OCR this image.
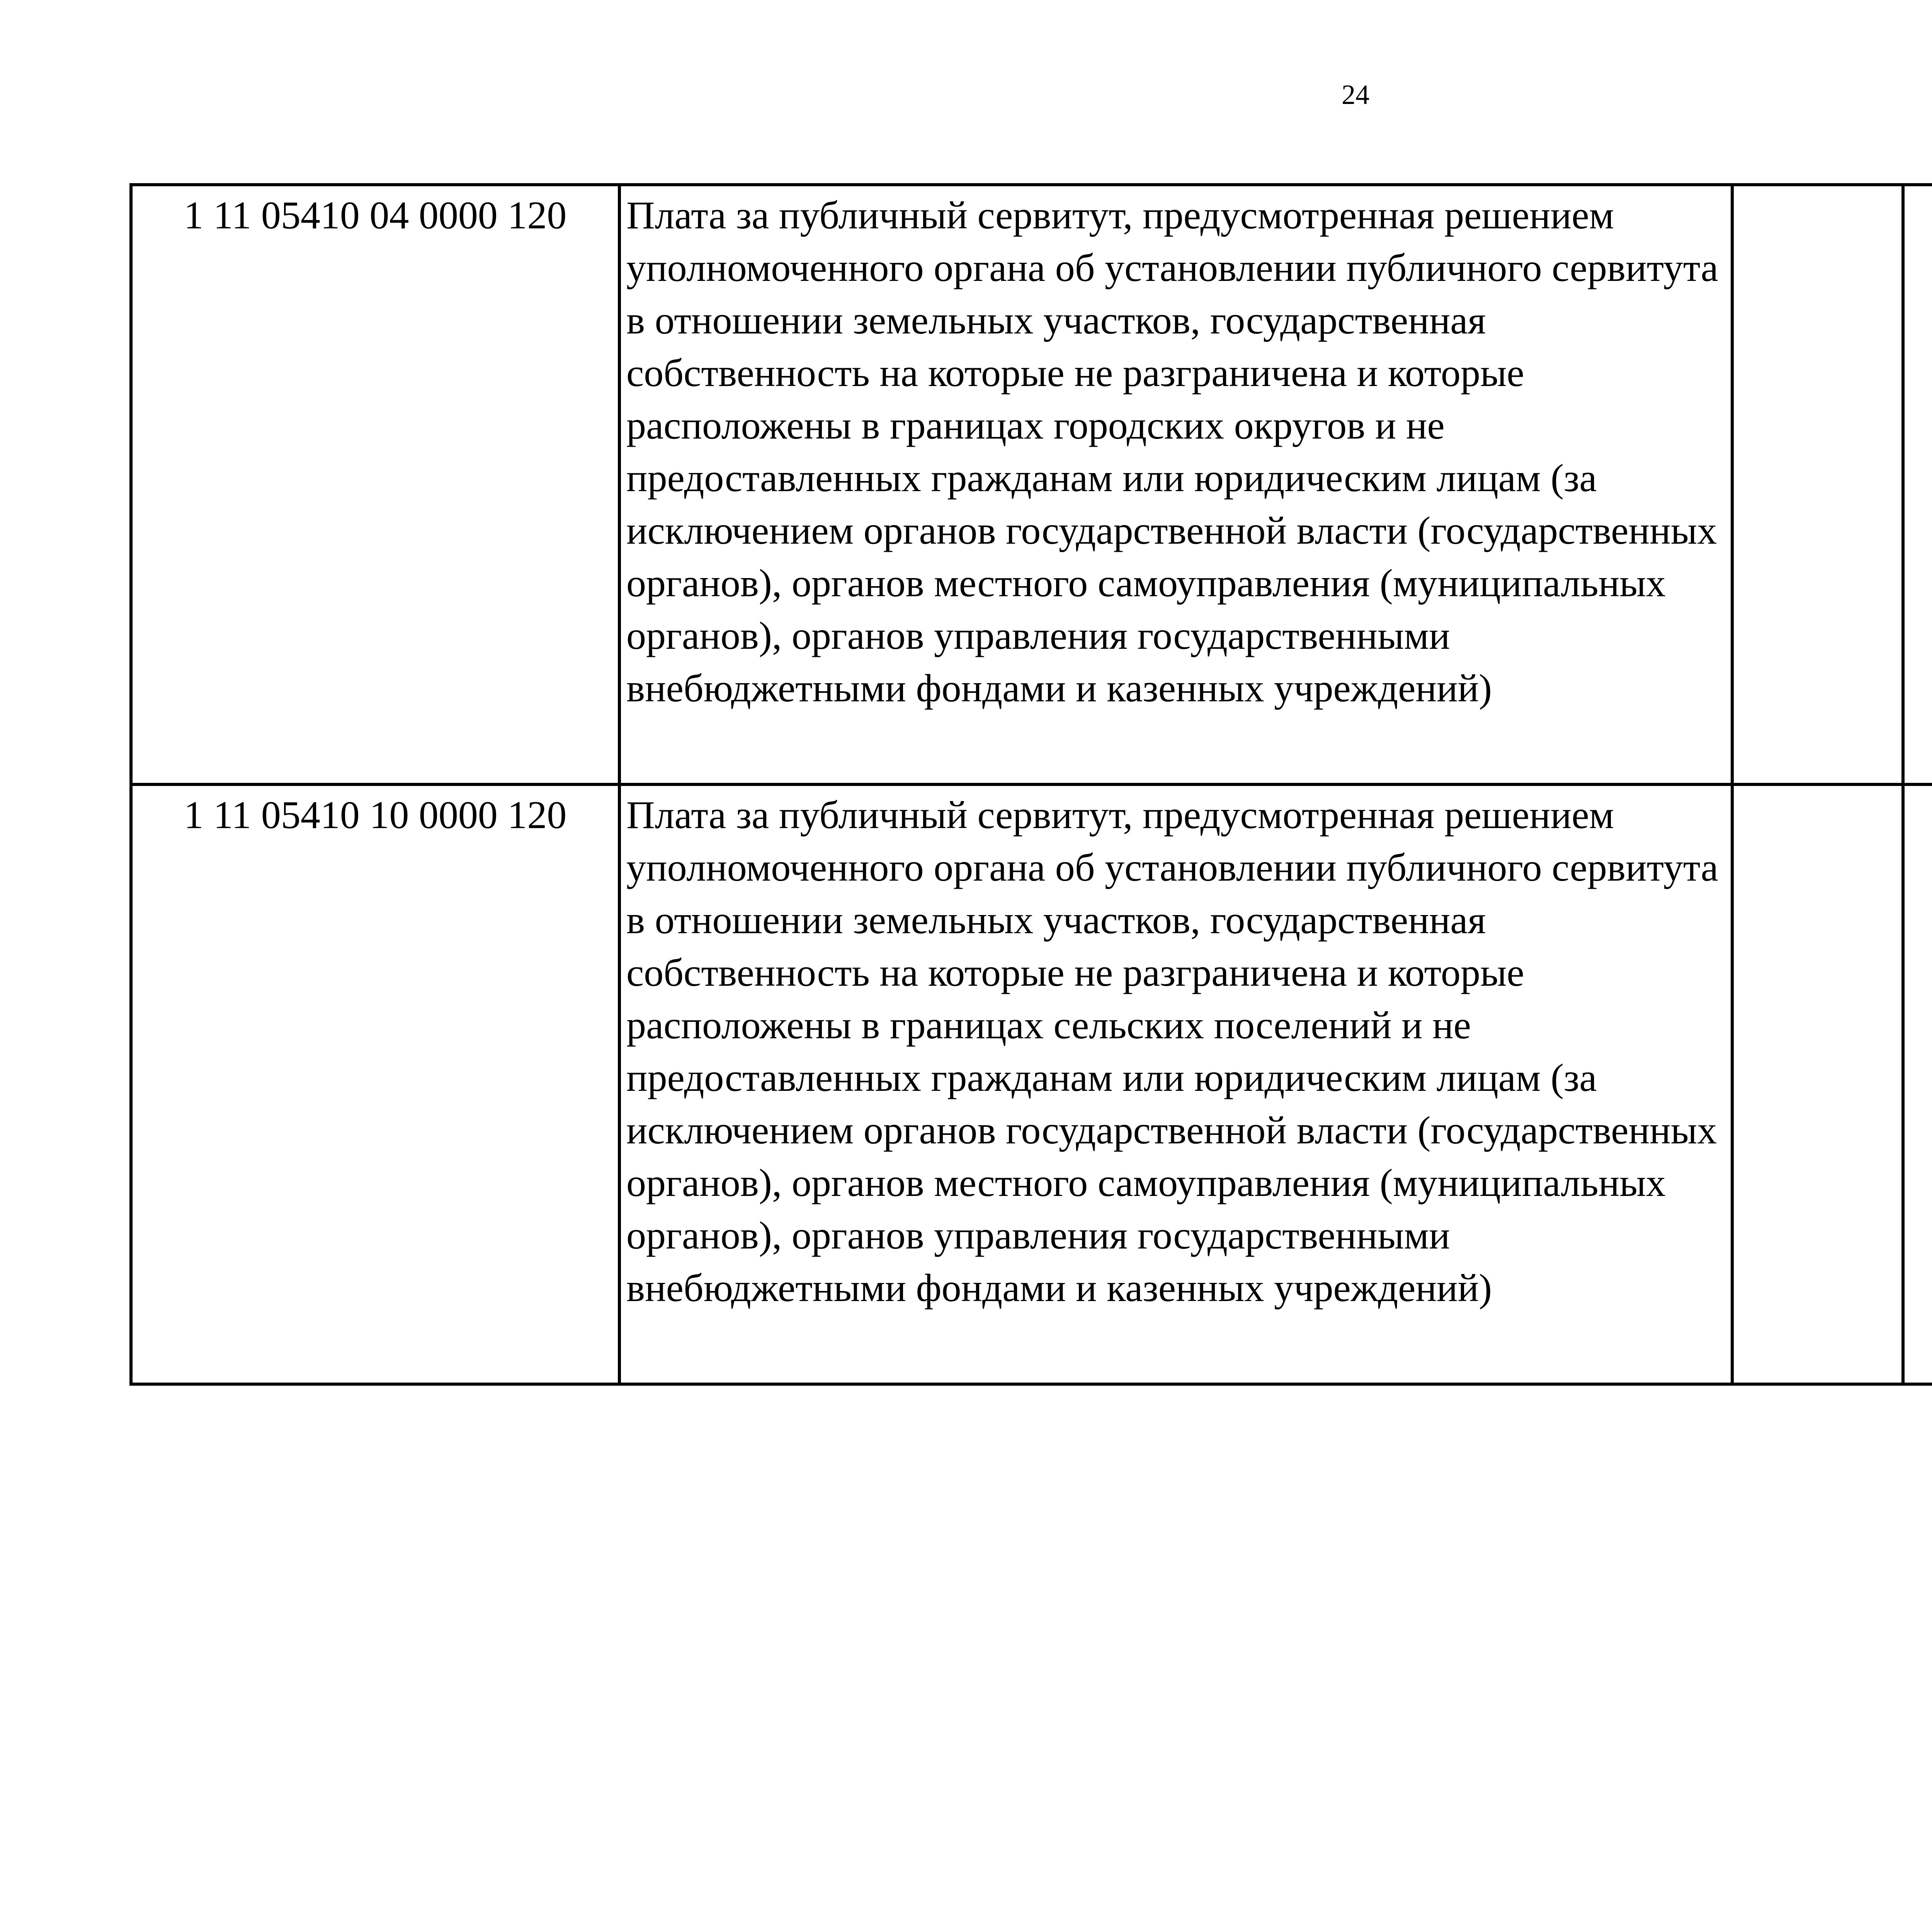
24
1 11 05410 04 0000 120	Плата за публичный сервитут, предусмотренная решением уполномоченного органа об установлении публичного сервитута в отношении земельных участков, государственная собственность на которые не разграничена и которые расположены в границах городских округов и не предоставленных гражданам или юридическим лицам (за исключением органов государственной власти (государственных органов), органов местного самоуправления (муниципальных органов), органов управления государственными внебюджетными фондами и казенных учреждений)					
1 11 05410 10 0000 120	Плата за публичный сервитут, предусмотренная решением уполномоченного органа об установлении публичного сервитута в отношении земельных участков, государственная собственность на которые не разграничена и которые расположены в границах сельских поселений и не предоставленных гражданам или юридическим лицам (за исключением органов государственной власти (государственных органов), органов местного самоуправления (муниципальных органов), органов управления государственными внебюджетными фондами и казенных учреждений)					
